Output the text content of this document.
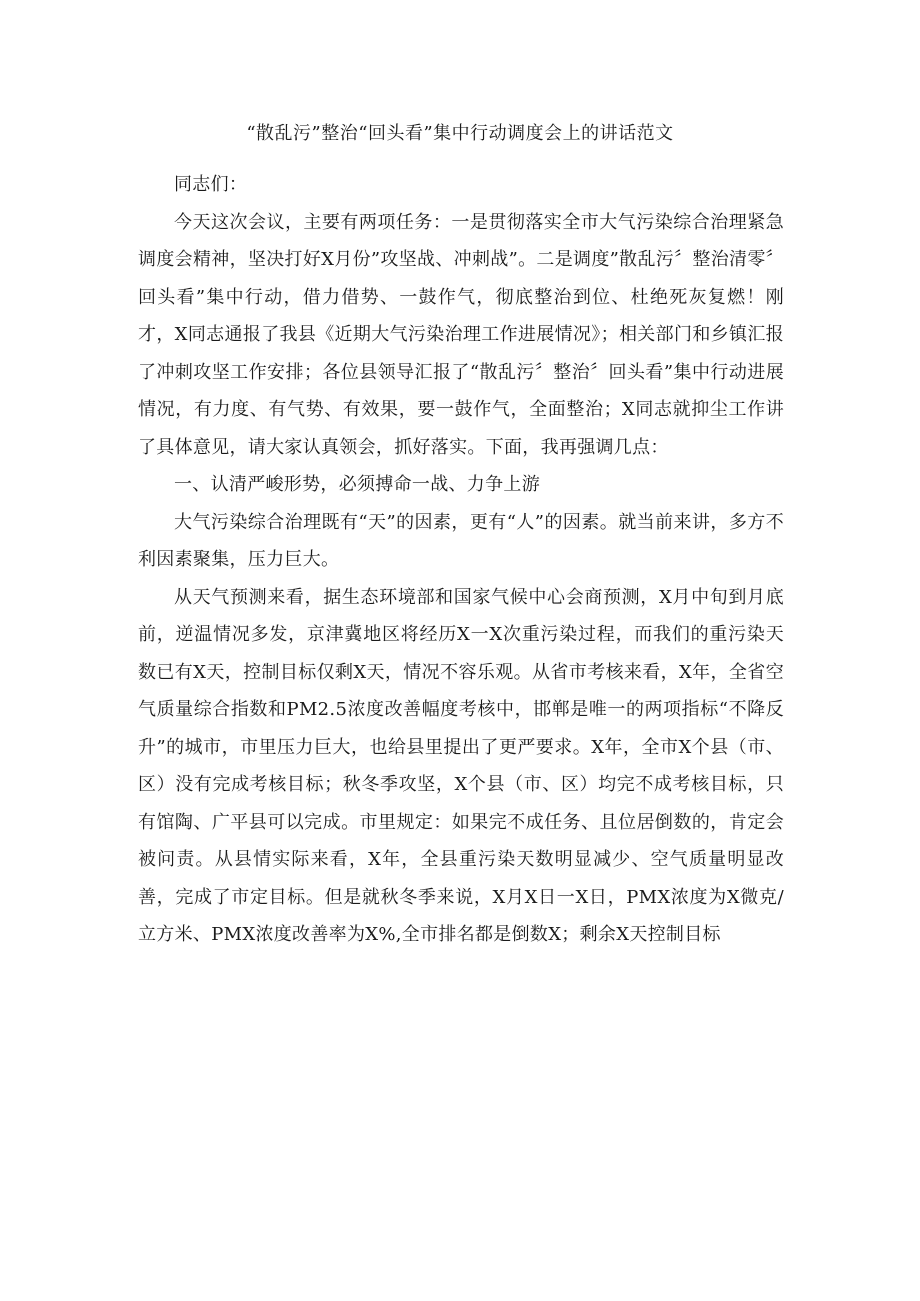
“散乱污”整治“回头看”集中行动调度会上的讲话范文

同志们：

今天这次会议，主要有两项任务：一是贯彻落实全市大气污染综合治理紧急调度会精神，坚决打好X月份”攻坚战、冲刺战”。二是调度”散乱污〞整治清零〞回头看”集中行动，借力借势、一鼓作气，彻底整治到位、杜绝死灰复燃！刚才，X同志通报了我县《近期大气污染治理工作进展情况》；相关部门和乡镇汇报了冲刺攻坚工作安排；各位县领导汇报了“散乱污〞整治〞回头看”集中行动进展情况，有力度、有气势、有效果，要一鼓作气，全面整治；X同志就抑尘工作讲了具体意见，请大家认真领会，抓好落实。下面，我再强调几点：

一、认清严峻形势，必须搏命一战、力争上游

大气污染综合治理既有“天”的因素，更有“人”的因素。就当前来讲，多方不利因素聚集，压力巨大。

从天气预测来看，据生态环境部和国家气候中心会商预测，X月中旬到月底前，逆温情况多发，京津冀地区将经历X一X次重污染过程，而我们的重污染天数已有X天，控制目标仅剩X天，情况不容乐观。从省市考核来看，X年，全省空气质量综合指数和PM2.5浓度改善幅度考核中，邯郸是唯一的两项指标“不降反升”的城市，市里压力巨大，也给县里提出了更严要求。X年，全市X个县（市、区）没有完成考核目标；秋冬季攻坚，X个县（市、区）均完不成考核目标，只有馆陶、广平县可以完成。市里规定：如果完不成任务、且位居倒数的，肯定会被问责。从县情实际来看，X年，全县重污染天数明显减少、空气质量明显改善，完成了市定目标。但是就秋冬季来说，X月X日一X日，PMX浓度为X微克/立方米、PMX浓度改善率为X%,全市排名都是倒数X；剩余X天控制目标
